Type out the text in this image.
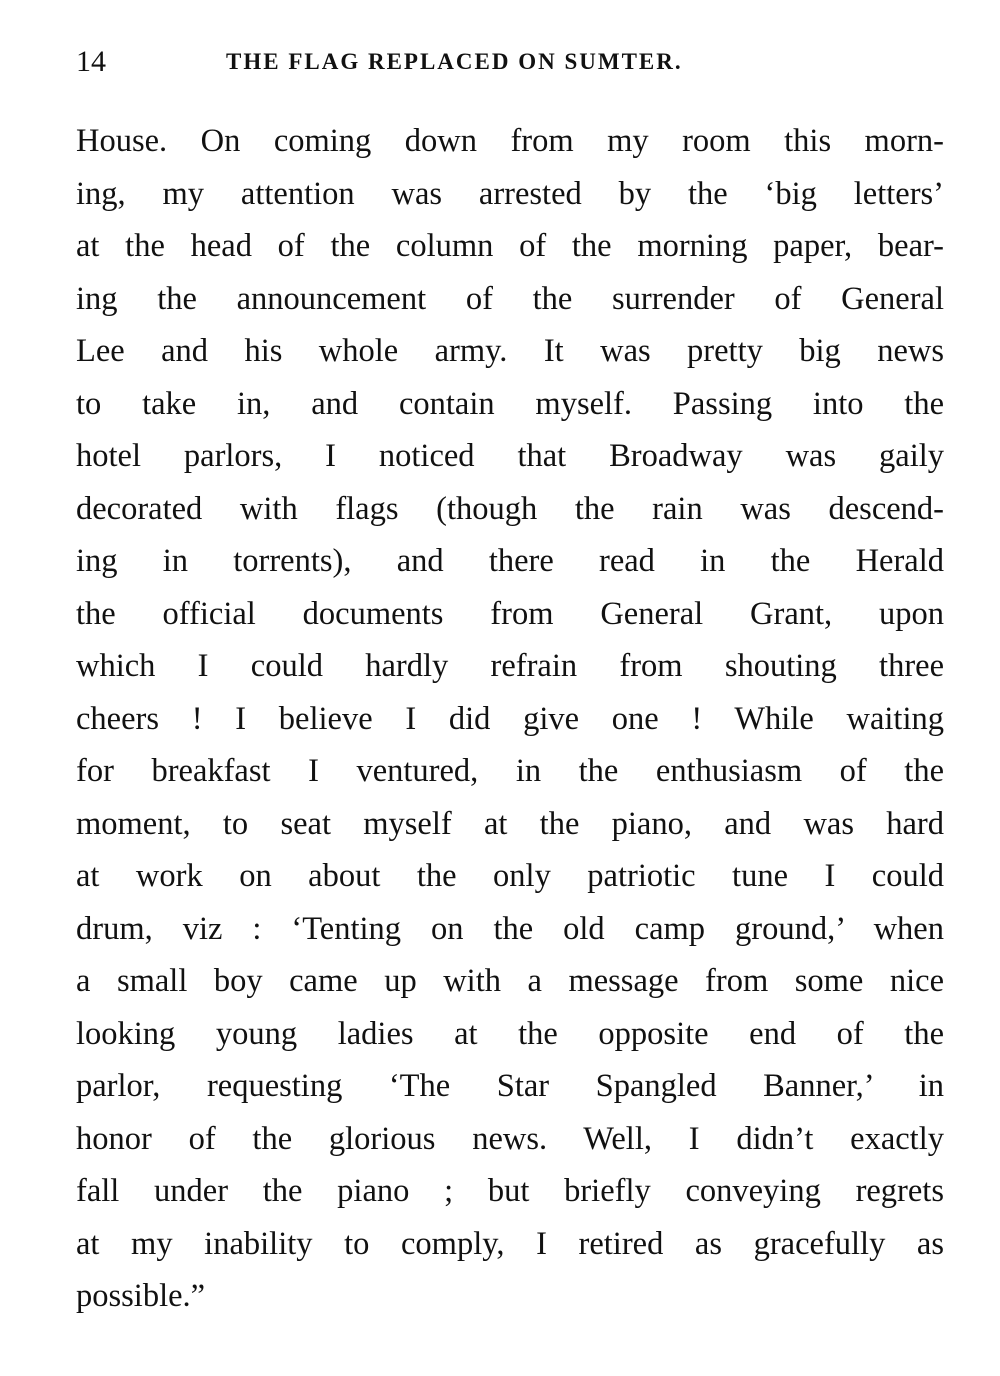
14	THE FLAG REPLACED ON SUMTER.
House. On coming down from my room this morn-
ing, my attention was arrested by the ‘big letters’
at the head of the column of the morning paper, bear-
ing the announcement of the surrender of General
Lee and his whole army. It was pretty big news
to take in, and contain myself. Passing into the
hotel parlors, I noticed that Broadway was gaily
decorated with flags (though the rain was descend-
ing in torrents), and there read in the Herald
the official documents from General Grant, upon
which I could hardly refrain from shouting three
cheers ! I believe I did give one ! While waiting
for breakfast I ventured, in the enthusiasm of the
moment, to seat myself at the piano, and was hard
at work on about the only patriotic tune I could
drum, viz : ‘Tenting on the old camp ground,’ when
a small boy came up with a message from some nice
looking young ladies at the opposite end of the
parlor, requesting ‘The Star Spangled Banner,’ in
honor of the glorious news. Well, I didn’t exactly
fall under the piano ; but briefly conveying regrets
at my inability to comply, I retired as gracefully as
possible.”
